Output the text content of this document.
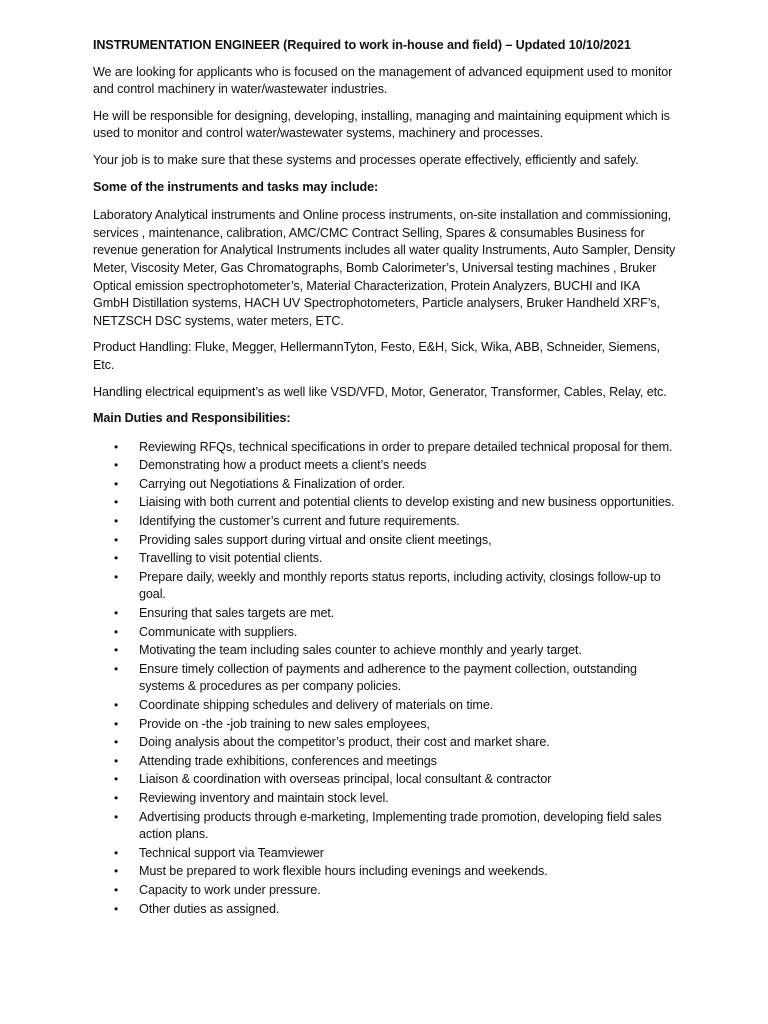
INSTRUMENTATION ENGINEER (Required to work in-house and field) – Updated 10/10/2021

We are looking for applicants who is focused on the management of advanced equipment used to monitor and control machinery in water/wastewater industries.

He will be responsible for designing, developing, installing, managing and maintaining equipment which is used to monitor and control water/wastewater systems, machinery and processes.

Your job is to make sure that these systems and processes operate effectively, efficiently and safely.

Some of the instruments and tasks may include:

Laboratory Analytical instruments and Online process instruments, on-site installation and commissioning, services , maintenance, calibration, AMC/CMC Contract Selling, Spares & consumables Business for revenue generation for Analytical Instruments includes all water quality Instruments, Auto Sampler, Density Meter, Viscosity Meter, Gas Chromatographs, Bomb Calorimeter’s, Universal testing machines , Bruker Optical emission spectrophotometer’s, Material Characterization, Protein Analyzers, BUCHI and IKA GmbH Distillation systems, HACH UV Spectrophotometers, Particle analysers, Bruker Handheld XRF’s, NETZSCH DSC systems, water meters, ETC.

Product Handling: Fluke, Megger, HellermannTyton, Festo, E&H, Sick, Wika, ABB, Schneider, Siemens, Etc.

Handling electrical equipment’s as well like VSD/VFD, Motor, Generator, Transformer, Cables, Relay, etc.

Main Duties and Responsibilities:
• Reviewing RFQs, technical specifications in order to prepare detailed technical proposal for them.
• Demonstrating how a product meets a client’s needs
• Carrying out Negotiations & Finalization of order.
• Liaising with both current and potential clients to develop existing and new business opportunities.
• Identifying the customer’s current and future requirements.
• Providing sales support during virtual and onsite client meetings,
• Travelling to visit potential clients.
• Prepare daily, weekly and monthly reports status reports, including activity, closings follow-up to goal.
• Ensuring that sales targets are met.
• Communicate with suppliers.
• Motivating the team including sales counter to achieve monthly and yearly target.
• Ensure timely collection of payments and adherence to the payment collection, outstanding systems & procedures as per company policies.
• Coordinate shipping schedules and delivery of materials on time.
• Provide on -the -job training to new sales employees,
• Doing analysis about the competitor’s product, their cost and market share.
• Attending trade exhibitions, conferences and meetings
• Liaison & coordination with overseas principal, local consultant & contractor
• Reviewing inventory and maintain stock level.
• Advertising products through e-marketing, Implementing trade promotion, developing field sales action plans.
• Technical support via Teamviewer
• Must be prepared to work flexible hours including evenings and weekends.
• Capacity to work under pressure.
• Other duties as assigned.
